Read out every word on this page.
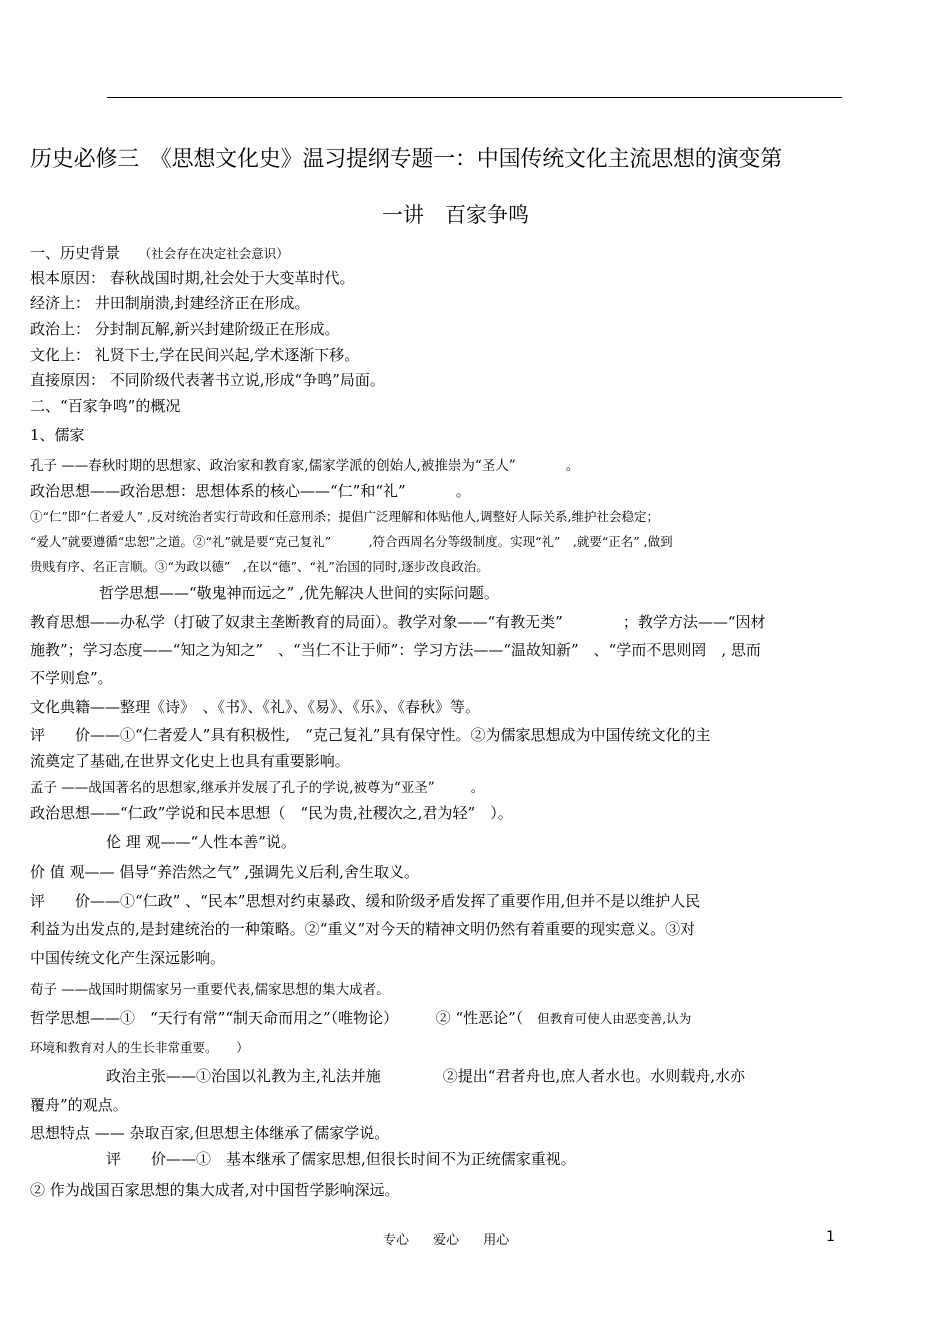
历史必修三　《思想文化史》温习提纲专题一：中国传统文化主流思想的演变第
一讲　百家争鸣
一、历史背景 （社会存在决定社会意识）
根本原因： 春秋战国时期,社会处于大变革时代。
经济上： 井田制崩溃,封建经济正在形成。
政治上： 分封制瓦解,新兴封建阶级正在形成。
文化上： 礼贤下士,学在民间兴起,学术逐渐下移。
直接原因： 不同阶级代表著书立说,形成“争鸣”局面。
二、“百家争鸣”的概况
1、儒家
孔子 ——春秋时期的思想家、政治家和教育家,儒家学派的创始人,被推崇为“圣人”	。
政治思想——政治思想：思想体系的核心——“仁”和“礼”	。
①“仁”即“仁者爱人” ,反对统治者实行苛政和任意刑杀；提倡广泛理解和体贴他人,调整好人际关系,维护社会稳定；
“爱人”就要遵循“忠恕”之道。②“礼”就是要“克己复礼”　　　,符合西周名分等级制度。实现“礼”　,就要“正名” ,做到
贵贱有序、名正言顺。③“为政以德”　,在以“德”、“礼”治国的同时,逐步改良政治。
哲学思想——“敬鬼神而远之” ,优先解决人世间的实际问题。
教育思想——办私学（打破了奴隶主垄断教育的局面）。教学对象——“有教无类”　　　　；教学方法——“因材
施教”；学习态度——“知之为知之”　、“当仁不让于师”：学习方法——“温故知新”　、“学而不思则罔　, 思而
不学则怠”。
文化典籍——整理《诗》　、《书》、《礼》、《易》、《乐》、《春秋》等。
评　　价——①“仁者爱人”具有积极性,　“克己复礼”具有保守性。②为儒家思想成为中国传统文化的主
流奠定了基础,在世界文化史上也具有重要影响。
孟子 ——战国著名的思想家,继承并发展了孔子的学说,被尊为“亚圣”	。
政治思想——“仁政”学说和民本思想（　“民为贵,社稷次之,君为轻”　）。
伦 理 观——“人性本善”说。
价 值 观—— 倡导“养浩然之气” ,强调先义后利,舍生取义。
评　　价——①“仁政” 、“民本”思想对约束暴政、缓和阶级矛盾发挥了重要作用,但并不是以维护人民
利益为出发点的,是封建统治的一种策略。②“重义”对今天的精神文明仍然有着重要的现实意义。③对
中国传统文化产生深远影响。
荀子 ——战国时期儒家另一重要代表,儒家思想的集大成者。
哲学思想——①　“天行有常”“制天命而用之”（唯物论）　　　② “性恶论”（ 但教育可使人由恶变善,认为
环境和教育对人的生长非常重要。　　）
政治主张——①治国以礼教为主,礼法并施	②提出“君者舟也,庶人者水也。水则载舟,水亦
覆舟”的观点。
思想特点 —— 杂取百家,但思想主体继承了儒家学说。
评　　价——①　基本继承了儒家思想,但很长时间不为正统儒家重视。
② 作为战国百家思想的集大成者,对中国哲学影响深远。
专心 爱心 用心	1
